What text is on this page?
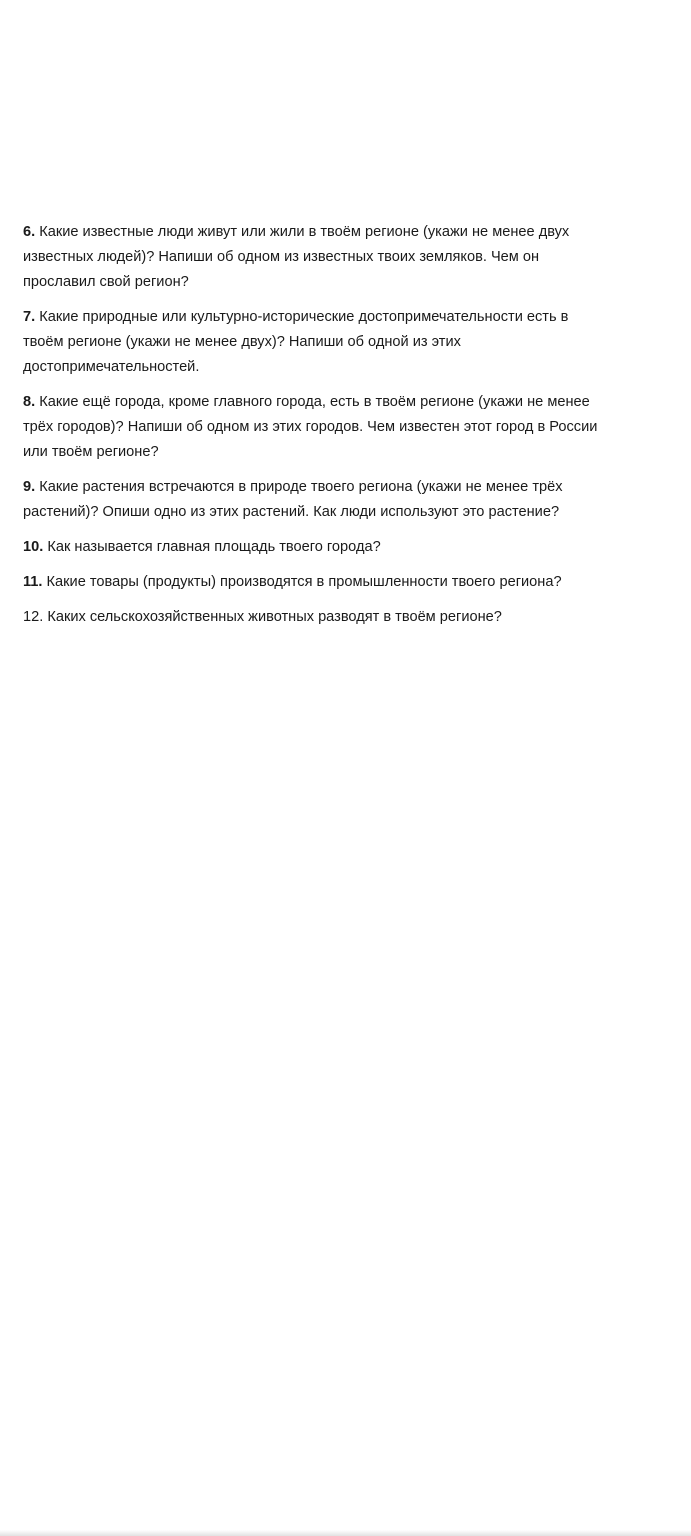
6. Какие известные люди живут или жили в твоём регионе (укажи не менее двух
известных людей)? Напиши об одном из известных твоих земляков. Чем он
прославил свой регион?
7. Какие природные или культурно-исторические достопримечательности есть в
твоём регионе (укажи не менее двух)? Напиши об одной из этих
достопримечательностей.
8. Какие ещё города, кроме главного города, есть в твоём регионе (укажи не менее
трёх городов)? Напиши об одном из этих городов. Чем известен этот город в России
или твоём регионе?
9. Какие растения встречаются в природе твоего региона (укажи не менее трёх
растений)? Опиши одно из этих растений. Как люди используют это растение?
10. Как называется главная площадь твоего города?
11. Какие товары (продукты) производятся в промышленности твоего региона?
12. Каких сельскохозяйственных животных разводят в твоём регионе?
